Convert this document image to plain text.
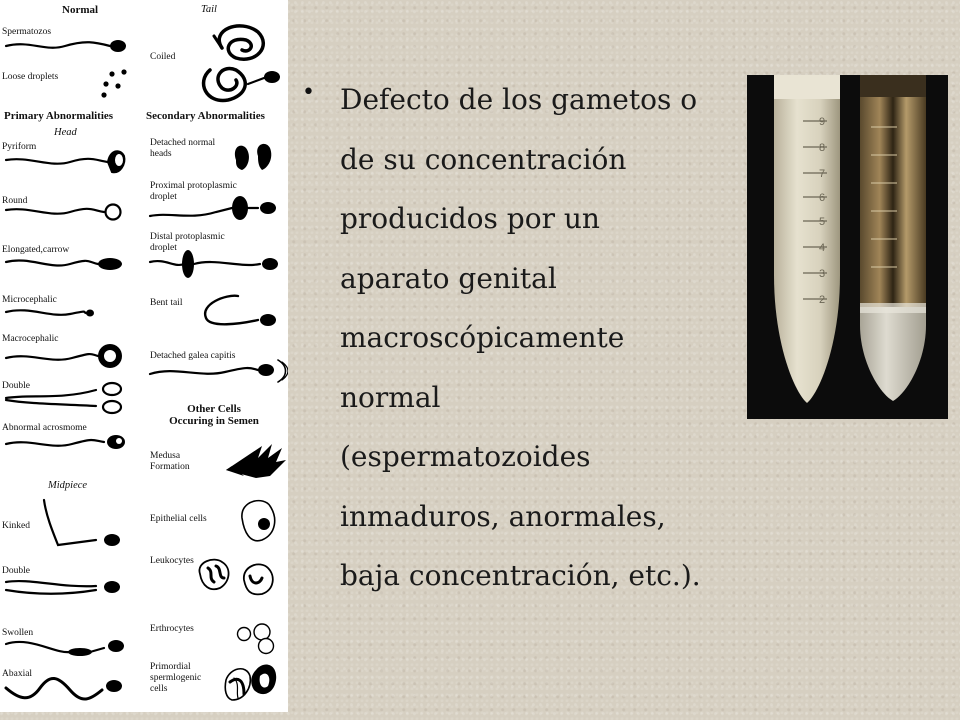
Normal	Tail
Spermatozos
Loose droplets
Coiled
Primary Abnormalities	Secondary Abnormalities
Head
Pyriform
Round
Elongated,carrow
Microcephalic
Macrocephalic
Double
Abnormal acrosmome
Midpiece
Kinked
Double
Swollen
Abaxial
Detached normal
heads
Proximal protoplasmic
droplet
Distal protoplasmic
droplet
Bent tail
Detached galea capitis
Other Cells
Occuring in Semen
Medusa
Formation
Epithelial cells
Leukocytes
Erthrocytes
Primordial
spermlogenic
cells
• Defecto de los gametos o
de su concentración
producidos por un
aparato genital
macroscópicamente
normal
(espermatozoides
inmaduros, anormales,
baja concentración, etc.).
9
8
7
6
5
4
3
2
